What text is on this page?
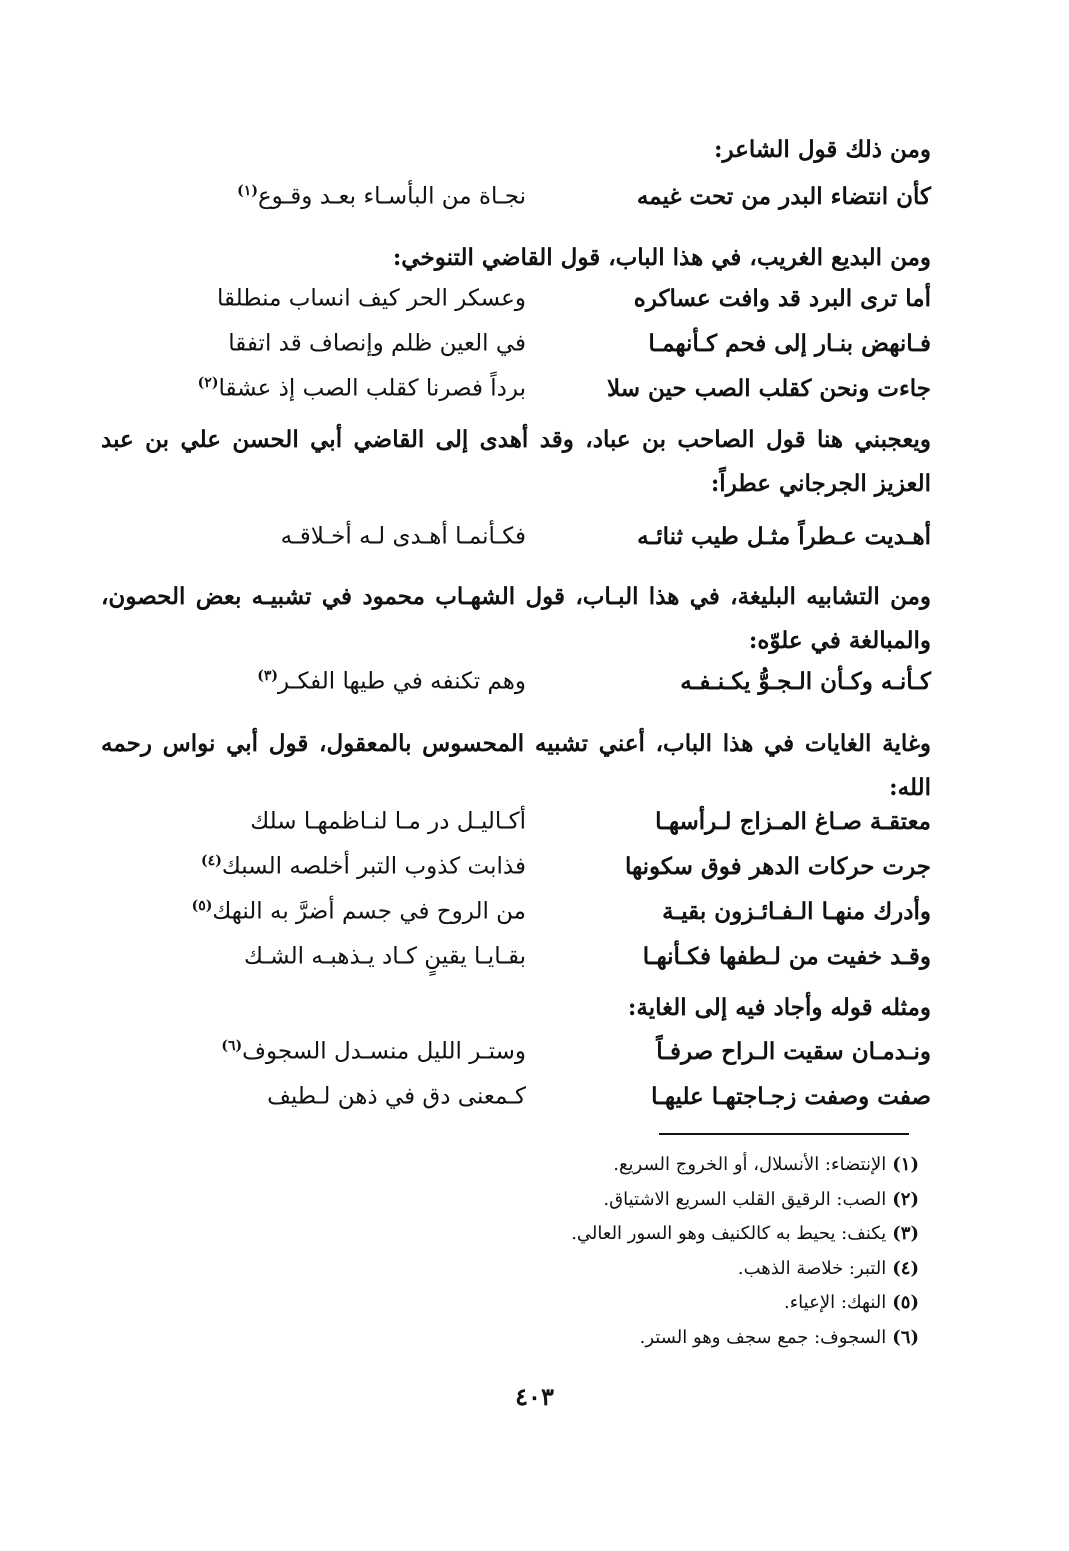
ومن ذلك قول الشاعر:
كأن انتضاء البدر من تحت غيمه
نجـاة من البأسـاء بعـد وقـوع$^{(١)}$
ومن البديع الغريب، في هذا الباب، قول القاضي التنوخي:
أما ترى البرد قد وافت عساكره
وعسكر الحر كيف انساب منطلقا
فـانهض بنـار إلى فحم كـأنهمـا
في العين ظلم وإنصاف قد اتفقا
جاءت ونحن كقلب الصب حين سلا
برداً فصرنا كقلب الصب إذ عشقا$^{(٢)}$
ويعجبني هنا قول الصاحب بن عباد، وقد أهدى إلى القاضي أبي الحسن علي بن عبد العزيز الجرجاني عطراً:
أهـديت عـطراً مثـل طيب ثنائـه
فكـأنمـا أهـدى لـه أخـلاقـه
ومن التشابيه البليغة، في هذا البـاب، قول الشهـاب محمود في تشبيـه بعض الحصون، والمبالغة في علوّه:
كـأنـه وكـأن الـجـوُّ يكـنـفـه
وهم تكنفه في طيها الفكـر$^{(٣)}$
وغاية الغايات في هذا الباب، أعني تشبيه المحسوس بالمعقول، قول أبي نواس رحمه الله:
معتقـة صـاغ المـزاج لـرأسهـا
أكـاليـل در مـا لنـاظمهـا سلك
جرت حركات الدهر فوق سكونها
فذابت كذوب التبر أخلصه السبك$^{(٤)}$
وأدرك منهـا الـفـائـزون بقيـة
من الروح في جسم أضرَّ به النهك$^{(٥)}$
وقـد خفيت من لـطفها فكـأنهـا
بقـايـا يقينٍ كـاد يـذهبـه الشـك
ومثله قوله وأجاد فيه إلى الغاية:
ونـدمـان سقيت الـراح صرفـاً
وستـر الليل منسـدل السجوف$^{(٦)}$
صفت وصفت زجـاجتهـا عليهـا
كـمعنى دق في ذهن لـطيف
(١)الإنتضاء: الأنسلال، أو الخروج السريع.
(٢)الصب: الرقيق القلب السريع الاشتياق.
(٣)يكنف: يحيط به كالكنيف وهو السور العالي.
(٤)التبر: خلاصة الذهب.
(٥)النهك: الإعياء.
(٦)السجوف: جمع سجف وهو الستر.
٤٠٣
